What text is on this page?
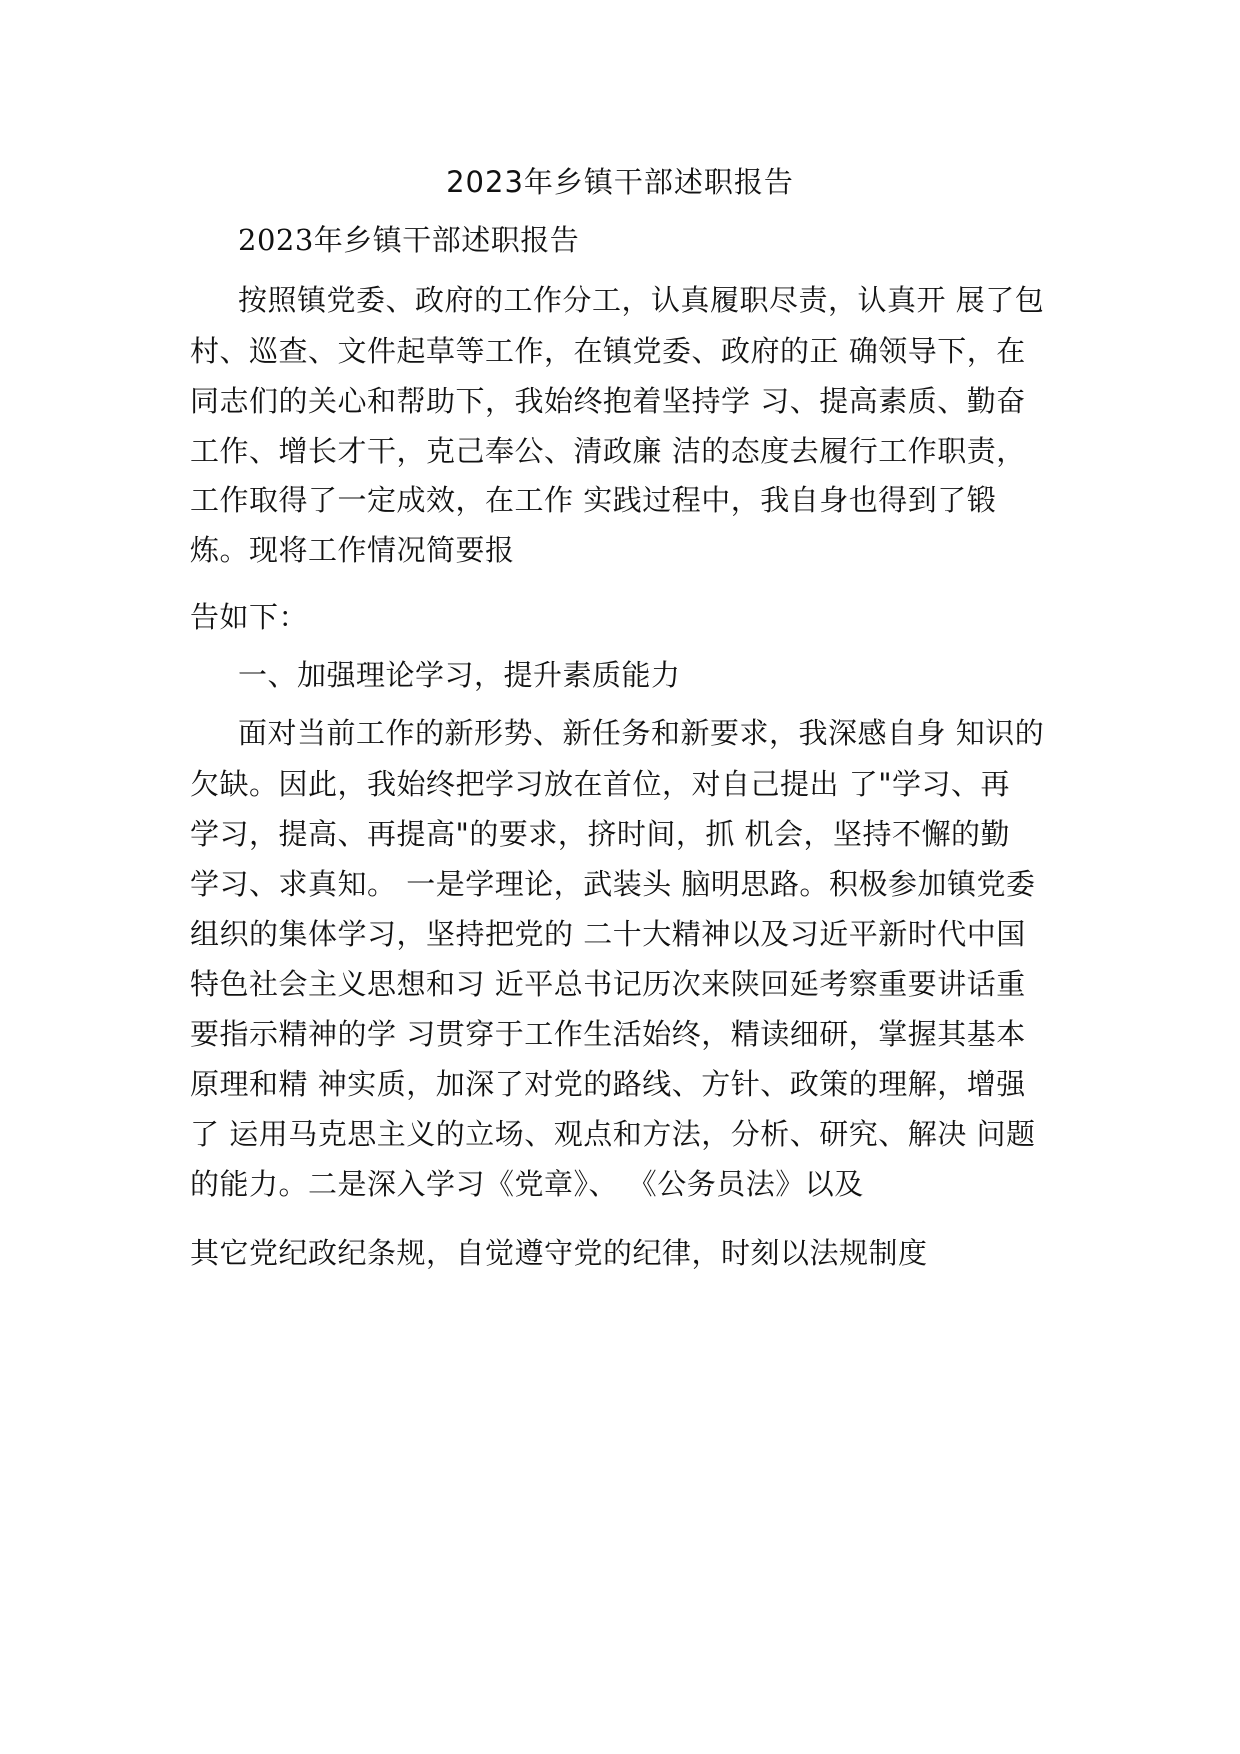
2023年乡镇干部述职报告
2023年乡镇干部述职报告
按照镇党委、政府的工作分工，认真履职尽责，认真开 展了包
村、巡查、文件起草等工作，在镇党委、政府的正 确领导下，在
同志们的关心和帮助下，我始终抱着坚持学 习、提高素质、勤奋
工作、增长才干，克己奉公、清政廉 洁的态度去履行工作职责，
工作取得了一定成效，在工作 实践过程中，我自身也得到了锻
炼。现将工作情况简要报
告如下：
一、加强理论学习，提升素质能力
面对当前工作的新形势、新任务和新要求，我深感自身 知识的
欠缺。因此，我始终把学习放在首位，对自己提出 了"学习、再
学习，提高、再提高"的要求，挤时间，抓 机会，坚持不懈的勤
学习、求真知。 一是学理论，武装头 脑明思路。积极参加镇党委
组织的集体学习，坚持把党的 二十大精神以及习近平新时代中国
特色社会主义思想和习 近平总书记历次来陕回延考察重要讲话重
要指示精神的学 习贯穿于工作生活始终，精读细研，掌握其基本
原理和精 神实质，加深了对党的路线、方针、政策的理解，增强
了 运用马克思主义的立场、观点和方法，分析、研究、解决 问题
的能力。二是深入学习《党章》、 《公务员法》以及
其它党纪政纪条规，自觉遵守党的纪律，时刻以法规制度
